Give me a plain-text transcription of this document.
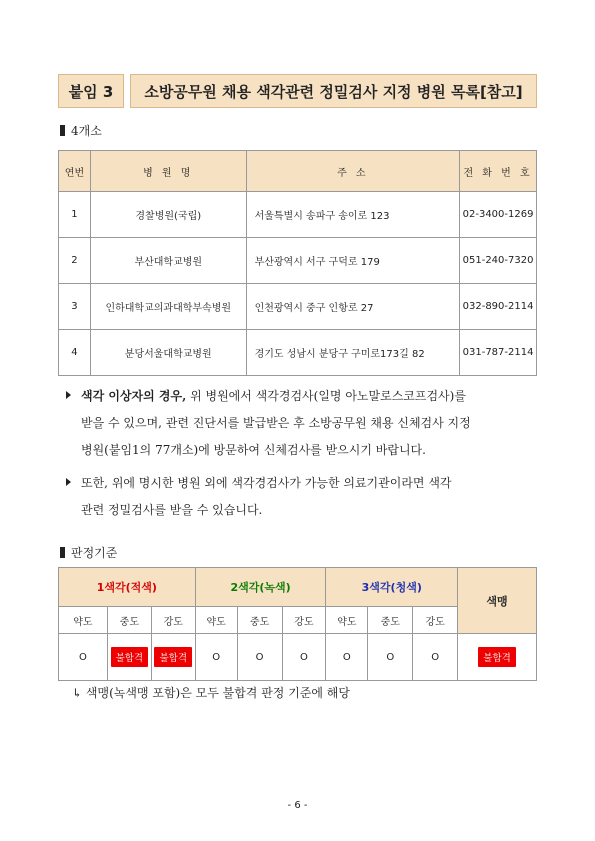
붙임 3	소방공무원 채용 색각관련 정밀검사 지정 병원 목록[참고]
4개소
연번	병 원 명	주 소	전 화 번 호
1	경찰병원(국립)	서울특별시 송파구 송이로 123	02-3400-1269
2	부산대학교병원	부산광역시 서구 구덕로 179	051-240-7320
3	인하대학교의과대학부속병원	인천광역시 중구 인항로 27	032-890-2114
4	분당서울대학교병원	경기도 성남시 분당구 구미로173길 82	031-787-2114
색각 이상자의 경우, 위 병원에서 색각경검사(일명 아노말로스코프검사)를
받을 수 있으며, 관련 진단서를 발급받은 후 소방공무원 채용 신체검사 지정
병원(붙임1의 77개소)에 방문하여 신체검사를 받으시기 바랍니다.
또한, 위에 명시한 병원 외에 색각경검사가 가능한 의료기관이라면 색각
관련 정밀검사를 받을 수 있습니다.
판정기준
1색각(적색)			2색각(녹색)			3색각(청색)			색맹
약도	중도	강도	약도	중도	강도	약도	중도	강도	
O	불합격	불합격	O	O	O	O	O	O	불합격
↳ 색맹(녹색맹 포함)은 모두 불합격 판정 기준에 해당
- 6 -
